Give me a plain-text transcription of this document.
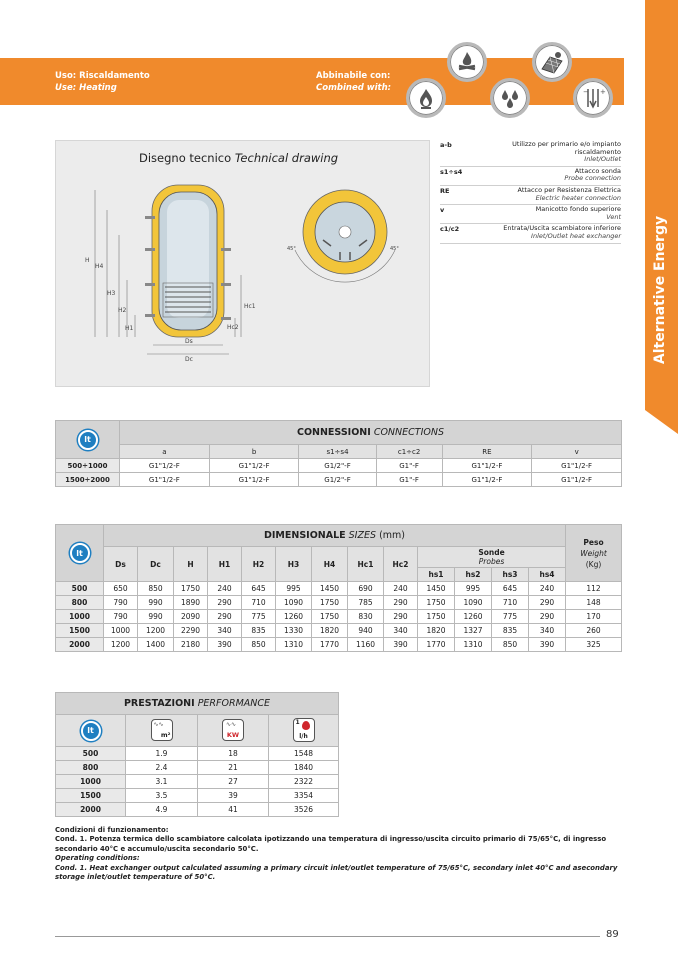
Uso: Riscaldamento
Use: Heating
Abbinabile con:
Combined with:
Alternative Energy
+
−
Disegno tecnico Technical drawing
H
H4
H3
H2
H1
Hc1
Hc2
Ds
Dc
45°	45°
a-b	Utilizzo per primario e/o impianto riscaldamento
Inlet/Outlet
s1÷s4	Attacco sonda
Probe connection
RE	Attacco per Resistenza Elettrica
Electric heater connection
v	Manicotto fondo superiore
Vent
c1/c2	Entrata/Uscita scambiatore inferiore
Inlet/Outlet heat exchanger
lt	CONNESSIONI CONNECTIONS					
	a	b	s1÷s4	c1÷c2	RE	v
500÷1000	G1"1/2-F	G1"1/2-F	G1/2"-F	G1"-F	G1"1/2-F	G1"1/2-F
1500÷2000	G1"1/2-F	G1"1/2-F	G1/2"-F	G1"-F	G1"1/2-F	G1"1/2-F
lt	DIMENSIONALE SIZES (mm)													Peso
Weight
(Kg)

	Ds	Dc	H	H1	H2	H3	H4	Hc1	Hc2	Sonde
Probes				

										hs1	hs2	hs3	hs4	
500	650	850	1750	240	645	995	1450	690	240	1450	995	645	240	112
800	790	990	1890	290	710	1090	1750	785	290	1750	1090	710	290	148
1000	790	990	2090	290	775	1260	1750	830	290	1750	1260	775	290	170
1500	1000	1200	2290	340	835	1330	1820	940	340	1820	1327	835	340	260
2000	1200	1400	2180	390	850	1310	1770	1160	390	1770	1310	850	390	325
PRESTAZIONI PERFORMANCE			

lt	∿∿
m²	∿∿
KW	1
l/h

500	1.9	18	1548
800	2.4	21	1840
1000	3.1	27	2322
1500	3.5	39	3354
2000	4.9	41	3526
Condizioni di funzionamento:
Cond. 1. Potenza termica dello scambiatore calcolata ipotizzando una temperatura di ingresso/uscita circuito primario di 75/65°C, di ingresso secondario 40°C e accumulo/uscita secondario 50°C.
Operating conditions:
Cond. 1. Heat exchanger output calculated assuming a primary circuit inlet/outlet temperature of 75/65°C, secondary inlet 40°C and asecondary storage inlet/outlet temperature of 50°C.
89
